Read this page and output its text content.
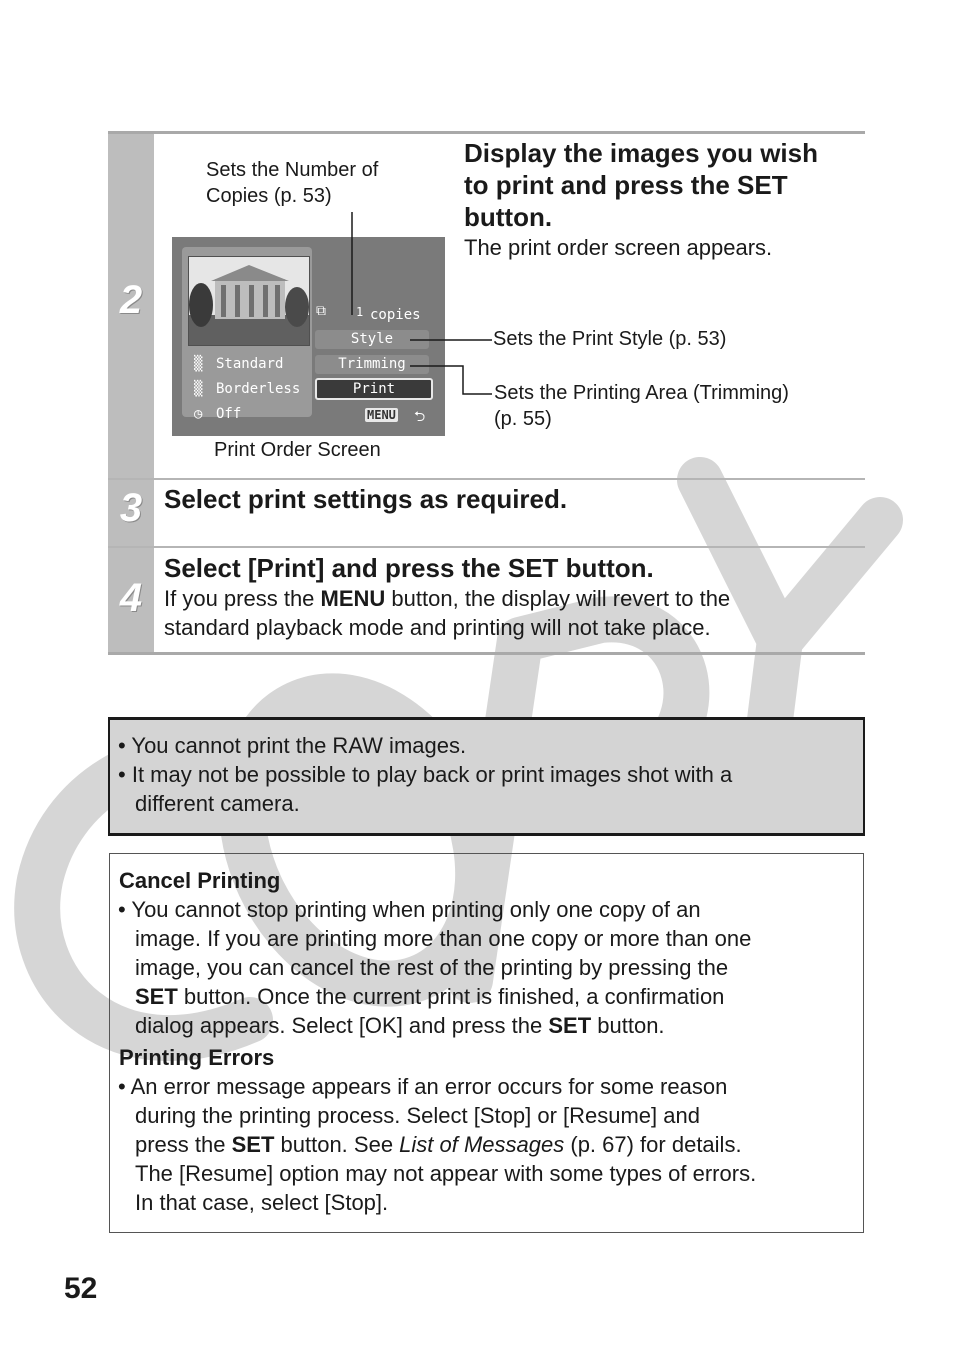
2
3
4
Display the images you wish
to print and press the SET
button.
The print order screen appears.
Sets the Number of
Copies (p. 53)
Sets the Print Style (p. 53)
Sets the Printing Area (Trimming)
(p. 55)
⧉	1 copies
Style
Trimming
Print
▒ Standard
▒ Borderless
◷ Off	MENU ⮌
Print Order Screen
Select print settings as required.
Select [Print] and press the SET button.
If you press the MENU button, the display will revert to the
standard playback mode and printing will not take place.
• You cannot print the RAW images.
• It may not be possible to play back or print images shot with a
different camera.
Cancel Printing
• You cannot stop printing when printing only one copy of an
image. If you are printing more than one copy or more than one
image, you can cancel the rest of the printing by pressing the
SET button. Once the current print is finished, a confirmation
dialog appears. Select [OK] and press the SET button.
Printing Errors
• An error message appears if an error occurs for some reason
during the printing process. Select [Stop] or [Resume] and
press the SET button. See List of Messages (p. 67) for details.
The [Resume] option may not appear with some types of errors.
In that case, select [Stop].
52
